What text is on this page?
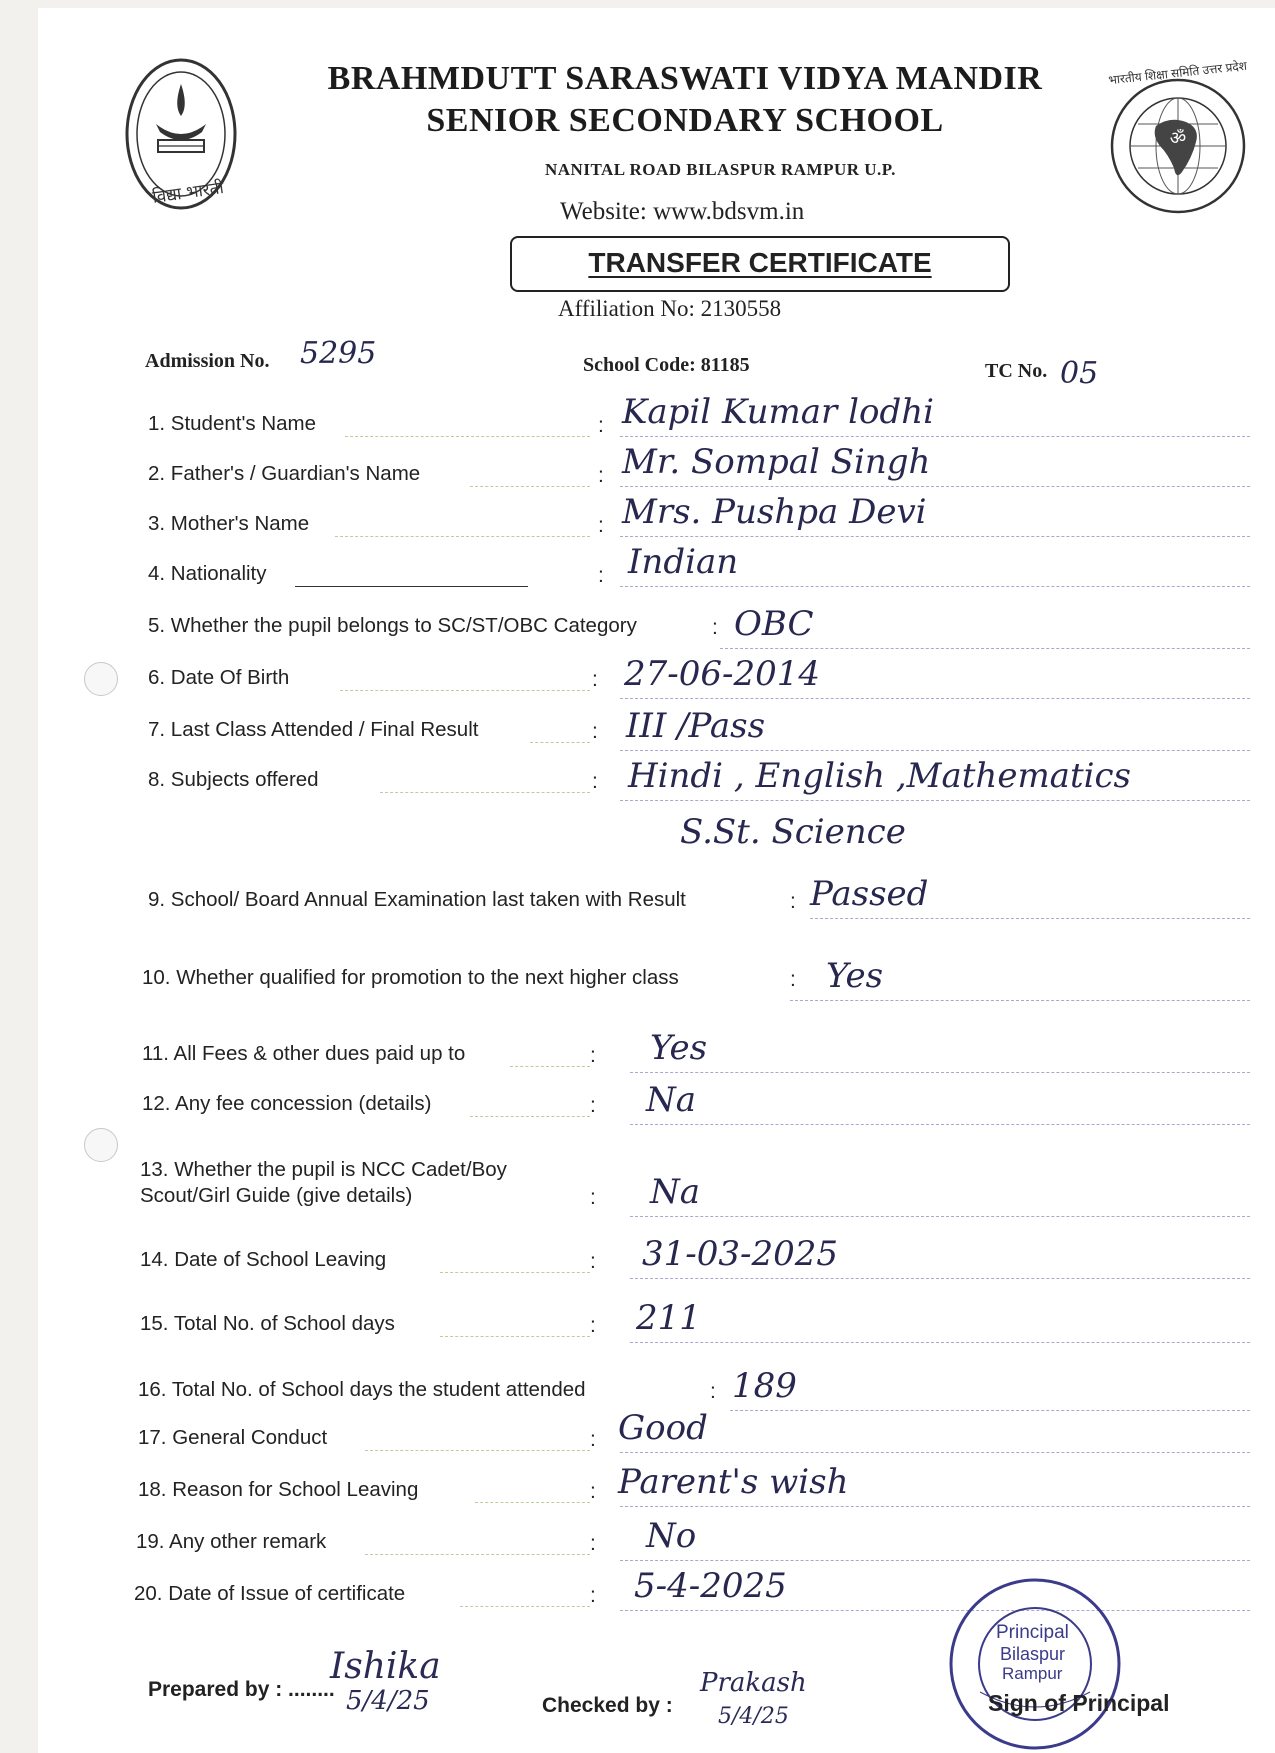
विद्या भारती
ॐ
भारतीय शिक्षा समिति उत्तर प्रदेश
BRAHMDUTT SARASWATI VIDYA MANDIR
SENIOR SECONDARY SCHOOL
NANITAL ROAD BILASPUR RAMPUR U.P.
Website: www.bdsvm.in
TRANSFER CERTIFICATE
Affiliation No: 2130558
Admission No. 5295	School Code: 81185	TC No. 05
1. Student's Name	: Kapil Kumar lodhi
2. Father's / Guardian's Name	: Mr. Sompal Singh
3. Mother's Name	: Mrs. Pushpa Devi
4. Nationality	: Indian
5. Whether the pupil belongs to SC/ST/OBC Category	: OBC
6. Date Of Birth	: 27-06-2014
7. Last Class Attended / Final Result	: III /Pass
8. Subjects offered	: Hindi , English ,Mathematics
S.St. Science
9. School/ Board Annual Examination last taken with Result	: Passed
10. Whether qualified for promotion to the next higher class	: Yes
11. All Fees & other dues paid up to	: Yes
12. Any fee concession (details)	: Na
13. Whether the pupil is NCC Cadet/Boy
Scout/Girl Guide (give details)	: Na
14. Date of School Leaving	: 31-03-2025
15. Total No. of School days	: 211
16. Total No. of School days the student attended	: 189
17. General Conduct	: Good
18. Reason for School Leaving	: Parent's wish
19. Any other remark	: No
20. Date of Issue of certificate	: 5-4-2025
Principal
Bilaspur
Rampur
Prepared by : ........
Ishika
5/4/25	Checked by :
Prakash
5/4/25
Sign of Principal
